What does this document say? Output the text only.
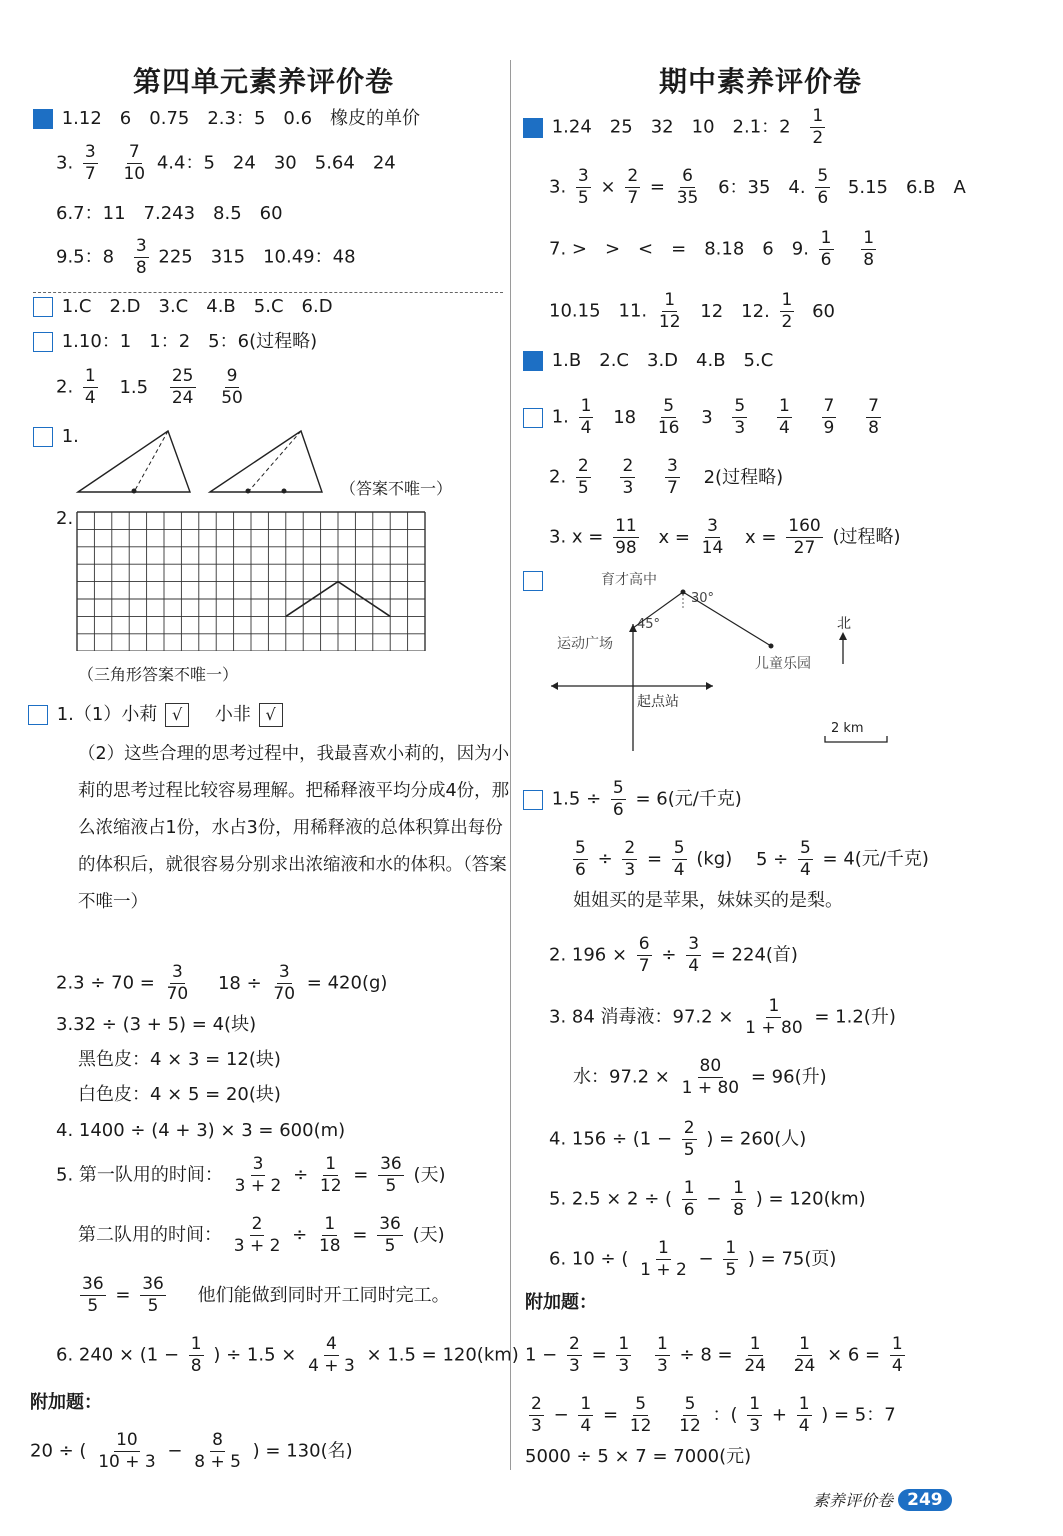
第四单元素养评价卷
1.12　6　0.75　2.3：5　0.6　橡皮的单价
3. $\frac{3}{7}$
$\frac{7}{10} 4.4$：5　24　30　5.64　24
6.7：11　7.243　8.5　60
9.5：$8 \frac{3}{8} 225$　315　10.49：48
1.C　2.D　3.C　4.B　5.C　6.D
1.10：1　1：2　5：6(过程略)
2. $\frac{1}{4} 1.5 \frac{25}{24}$
$\frac{9}{50}$
1.
（答案不唯一）
2.
（三角形答案不唯一）
1.（1）小莉 √ 小非 √
（2）这些合理的思考过程中，我最喜欢小莉的，因为小莉的思考过程比较容易理解。把稀释液平均分成4份，那么浓缩液占1份，水占3份，用稀释液的总体积算出每份的体积后，就很容易分别求出浓缩液和水的体积。（答案不唯一）
$2.3 \div 70 = \frac{3}{70} 18 \div \frac{3}{70} = 420(g)$
3.32 ÷ (3 + 5) = 4(块)
黑色皮：4 × 3 = 12(块)
白色皮：4 × 5 = 20(块)
4. 1400 ÷ (4 + 3) × 3 = 600(m)
5. 第一队用的时间： $\frac{3}{3 + 2} \div \frac{1}{12} = \frac{36}{5}$ (天)
第二队用的时间： $\frac{2}{3 + 2} \div \frac{1}{18} = \frac{36}{5}$ (天)
$\frac{36}{5} = \frac{36}{5}$ 他们能做到同时开工同时完工。
6. $240 \times (1 - \frac{1}{8}$ ) ÷ $1.5 \times \frac{4}{4 + 3} \times 1.5 = 120(km)$
附加题：
20 ÷ ( $\frac{10}{10 + 3} - \frac{8}{8 + 5}$ ) = 130(名)
期中素养评价卷
1.24　25　32　10　2.1：$2 \frac{1}{2}$
3. $\frac{3}{5} \times \frac{2}{7} = \frac{6}{35} 6$：35　4. $\frac{5}{6} 5.15$　6.B　A
7. >　>　<　=　8.18　6　9. $\frac{1}{6}$
$\frac{1}{8}$
10.15　11. $\frac{1}{12} 12$　12. $\frac{1}{2} 60$
1.B　2.C　3.D　4.B　5.C
1. $\frac{1}{4} 18 \frac{5}{16} 3 \frac{5}{3}$
$\frac{1}{4}$
$\frac{7}{9}$
$\frac{7}{8}$
2. $\frac{2}{5}$
$\frac{2}{3}$
$\frac{3}{7} 2$(过程略)
3. $x = \frac{11}{98}$ $x = \frac{3}{14}$ $x = \frac{160}{27}$ (过程略)
育才高中
30°
45°
运动广场
儿童乐园
起点站
北
2 km
$1.5 \div \frac{5}{6} = 6$(元/千克)
$\frac{5}{6} \div \frac{2}{3} = \frac{5}{4} (kg) 5 \div \frac{5}{4} = 4$(元/千克)
姐姐买的是苹果，妹妹买的是梨。
2. $196 \times \frac{6}{7} \div \frac{3}{4} = 224$(首)
3. 84 消毒液：$97.2 \times \frac{1}{1 + 80} = 1.2$(升)
水：$97.2 \times \frac{80}{1 + 80} = 96$(升)
4. $156 \div (1 - \frac{2}{5}$ ) = 260(人)
5. 2.5 × 2 ÷ ( $\frac{1}{6} - \frac{1}{8}$ ) = 120(km)
6. 10 ÷ ( $\frac{1}{1 + 2} - \frac{1}{5}$ ) = 75(页)
附加题：
$1 - \frac{2}{3} = \frac{1}{3}$
$\frac{1}{3} \div 8 = \frac{1}{24}$
$\frac{1}{24} \times 6 = \frac{1}{4}$
$\frac{2}{3} - \frac{1}{4} = \frac{5}{12}$
$\frac{5}{12}$ ：( $\frac{1}{3} + \frac{1}{4}$ ) = 5：7
5000 ÷ 5 × 7 = 7000(元)
素养评价卷 249
